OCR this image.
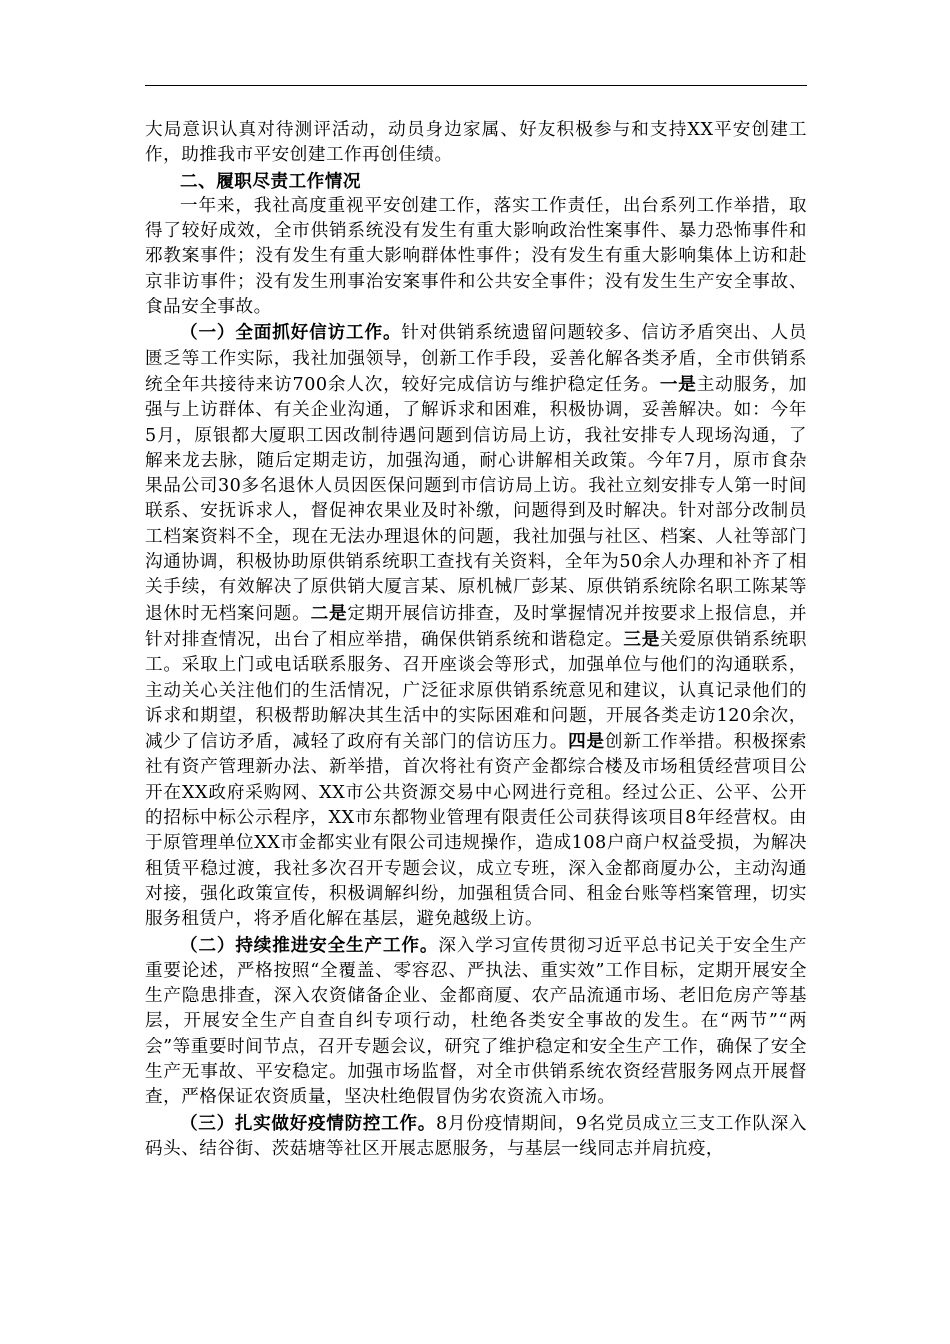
大局意识认真对待测评活动，动员身边家属、好友积极参与和支持XX平安创建工作，助推我市平安创建工作再创佳绩。

二、履职尽责工作情况

一年来，我社高度重视平安创建工作，落实工作责任，出台系列工作举措，取得了较好成效，全市供销系统没有发生有重大影响政治性案事件、暴力恐怖事件和邪教案事件；没有发生有重大影响群体性事件；没有发生有重大影响集体上访和赴京非访事件；没有发生刑事治安案事件和公共安全事件；没有发生生产安全事故、食品安全事故。

（一）全面抓好信访工作。针对供销系统遗留问题较多、信访矛盾突出、人员匮乏等工作实际，我社加强领导，创新工作手段，妥善化解各类矛盾，全市供销系统全年共接待来访700余人次，较好完成信访与维护稳定任务。一是主动服务，加强与上访群体、有关企业沟通，了解诉求和困难，积极协调，妥善解决。如：今年5月，原银都大厦职工因改制待遇问题到信访局上访，我社安排专人现场沟通，了解来龙去脉，随后定期走访，加强沟通，耐心讲解相关政策。今年7月，原市食杂果品公司30多名退休人员因医保问题到市信访局上访。我社立刻安排专人第一时间联系、安抚诉求人，督促神农果业及时补缴，问题得到及时解决。针对部分改制员工档案资料不全，现在无法办理退休的问题，我社加强与社区、档案、人社等部门沟通协调，积极协助原供销系统职工查找有关资料，全年为50余人办理和补齐了相关手续，有效解决了原供销大厦言某、原机械厂彭某、原供销系统除名职工陈某等退休时无档案问题。二是定期开展信访排查，及时掌握情况并按要求上报信息，并针对排查情况，出台了相应举措，确保供销系统和谐稳定。三是关爱原供销系统职工。采取上门或电话联系服务、召开座谈会等形式，加强单位与他们的沟通联系，主动关心关注他们的生活情况，广泛征求原供销系统意见和建议，认真记录他们的诉求和期望，积极帮助解决其生活中的实际困难和问题，开展各类走访120余次，减少了信访矛盾，减轻了政府有关部门的信访压力。四是创新工作举措。积极探索社有资产管理新办法、新举措，首次将社有资产金都综合楼及市场租赁经营项目公开在XX政府采购网、XX市公共资源交易中心网进行竞租。经过公正、公平、公开的招标中标公示程序，XX市东都物业管理有限责任公司获得该项目8年经营权。由于原管理单位XX市金都实业有限公司违规操作，造成108户商户权益受损，为解决租赁平稳过渡，我社多次召开专题会议，成立专班，深入金都商厦办公，主动沟通对接，强化政策宣传，积极调解纠纷，加强租赁合同、租金台账等档案管理，切实服务租赁户，将矛盾化解在基层，避免越级上访。

（二）持续推进安全生产工作。深入学习宣传贯彻习近平总书记关于安全生产重要论述，严格按照“全覆盖、零容忍、严执法、重实效”工作目标，定期开展安全生产隐患排查，深入农资储备企业、金都商厦、农产品流通市场、老旧危房产等基层，开展安全生产自查自纠专项行动，杜绝各类安全事故的发生。在“两节”“两会”等重要时间节点，召开专题会议，研究了维护稳定和安全生产工作，确保了安全生产无事故、平安稳定。加强市场监督，对全市供销系统农资经营服务网点开展督查，严格保证农资质量，坚决杜绝假冒伪劣农资流入市场。

（三）扎实做好疫情防控工作。8月份疫情期间，9名党员成立三支工作队深入码头、结谷街、茨菇塘等社区开展志愿服务，与基层一线同志并肩抗疫，
